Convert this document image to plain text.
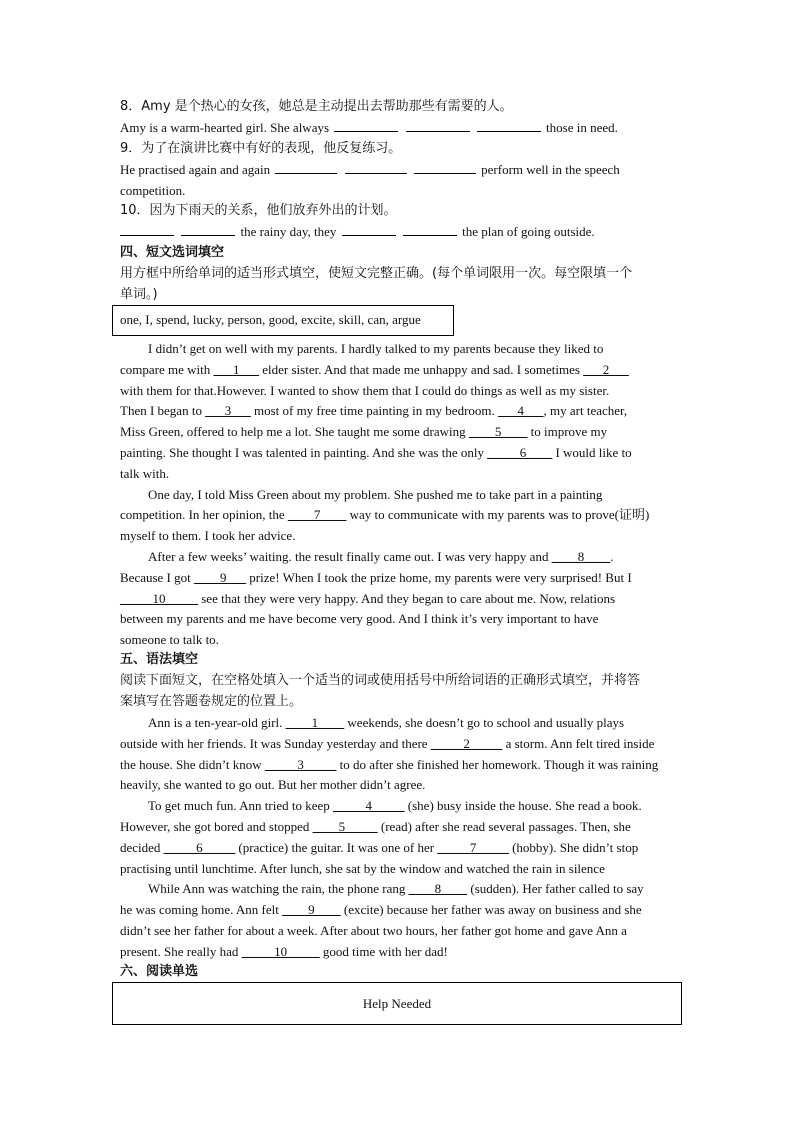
8．Amy 是个热心的女孩，她总是主动提出去帮助那些有需要的人。
Amy is a warm-hearted girl. She always	those in need.
9．为了在演讲比赛中有好的表现，他反复练习。
He practised again and again	perform well in the speech
competition.
10．因为下雨天的关系，他们放弃外出的计划。
the rainy day, they	the plan of going outside.
四、短文选词填空
用方框中所给单词的适当形式填空，使短文完整正确。(每个单词限用一次。每空限填一个
单词。)
one, I, spend, lucky, person, good, excite, skill, can, argue
I didn’t get on well with my parents. I hardly talked to my parents because they liked to
compare me with ___1___ elder sister. And that made me unhappy and sad. I sometimes ___2___
with them for that.However. I wanted to show them that I could do things as well as my sister.
Then I began to ___3___ most of my free time painting in my bedroom. ___4___, my art teacher,
Miss Green, offered to help me a lot. She taught me some drawing ____5____ to improve my
painting. She thought I was talented in painting. And she was the only _____6____ I would like to
talk with.
One day, I told Miss Green about my problem. She pushed me to take part in a painting
competition. In her opinion, the ____7____ way to communicate with my parents was to prove(证明)
myself to them. I took her advice.
After a few weeks’ waiting. the result finally came out. I was very happy and ____8____.
Because I got ____9___ prize! When I took the prize home, my parents were very surprised! But I
_____10_____ see that they were very happy. And they began to care about me. Now, relations
between my parents and me have become very good. And I think it’s very important to have
someone to talk to.
五、语法填空
阅读下面短文，在空格处填入一个适当的词或使用括号中所给词语的正确形式填空，并将答
案填写在答题卷规定的位置上。
Ann is a ten-year-old girl. ____1____ weekends, she doesn’t go to school and usually plays
outside with her friends. It was Sunday yesterday and there _____2_____ a storm. Ann felt tired inside
the house. She didn’t know _____3_____ to do after she finished her homework. Though it was raining
heavily, she wanted to go out. But her mother didn’t agree.
To get much fun. Ann tried to keep _____4_____ (she) busy inside the house. She read a book.
However, she got bored and stopped ____5_____ (read) after she read several passages. Then, she
decided _____6_____ (practice) the guitar. It was one of her _____7_____ (hobby). She didn’t stop
practising until lunchtime. After lunch, she sat by the window and watched the rain in silence
While Ann was watching the rain, the phone rang ____8____ (sudden). Her father called to say
he was coming home. Ann felt ____9____ (excite) because her father was away on business and she
didn’t see her father for about a week. After about two hours, her father got home and gave Ann a
present. She really had _____10_____ good time with her dad!
六、阅读单选
Help Needed
